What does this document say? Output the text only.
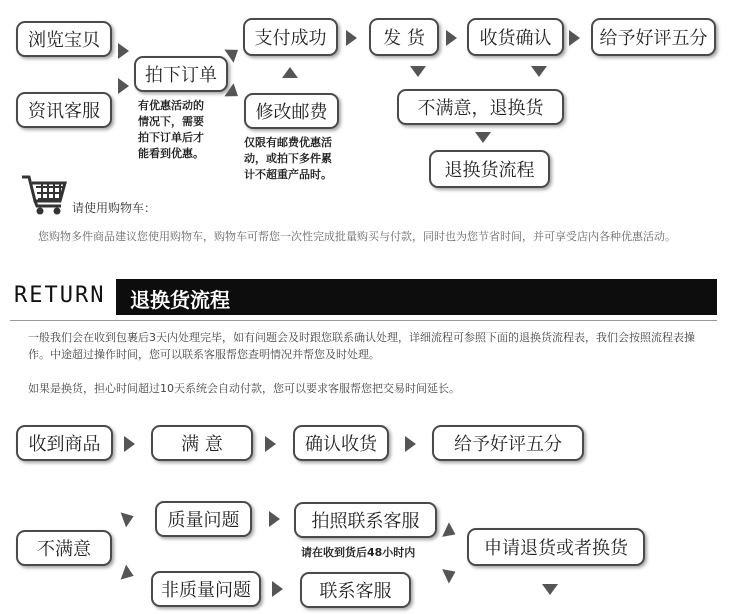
浏览宝贝
资讯客服
拍下订单
有优惠活动的
情况下，需要
拍下订单后才
能看到优惠。
支付成功
修改邮费
仅限有邮费优惠活
动，或拍下多件累
计不超重产品时。
发 货	收货确认	给予好评五分
不满意，退换货
退换货流程
请使用购物车：
您购物多件商品建议您使用购物车，购物车可帮您一次性完成批量购买与付款，同时也为您节省时间，并可享受店内各种优惠活动。
RETURN 退换货流程
一般我们会在收到包裹后3天内处理完毕，如有问题会及时跟您联系确认处理，详细流程可参照下面的退换货流程表，我们会按照流程表操作。中途超过操作时间，您可以联系客服帮您查明情况并帮您及时处理。
如果是换货，担心时间超过10天系统会自动付款，您可以要求客服帮您把交易时间延长。
收到商品	满 意	确认收货	给予好评五分
不满意
质量问题
非质量问题
拍照联系客服
请在收到货后48小时内
联系客服
申请退货或者换货
